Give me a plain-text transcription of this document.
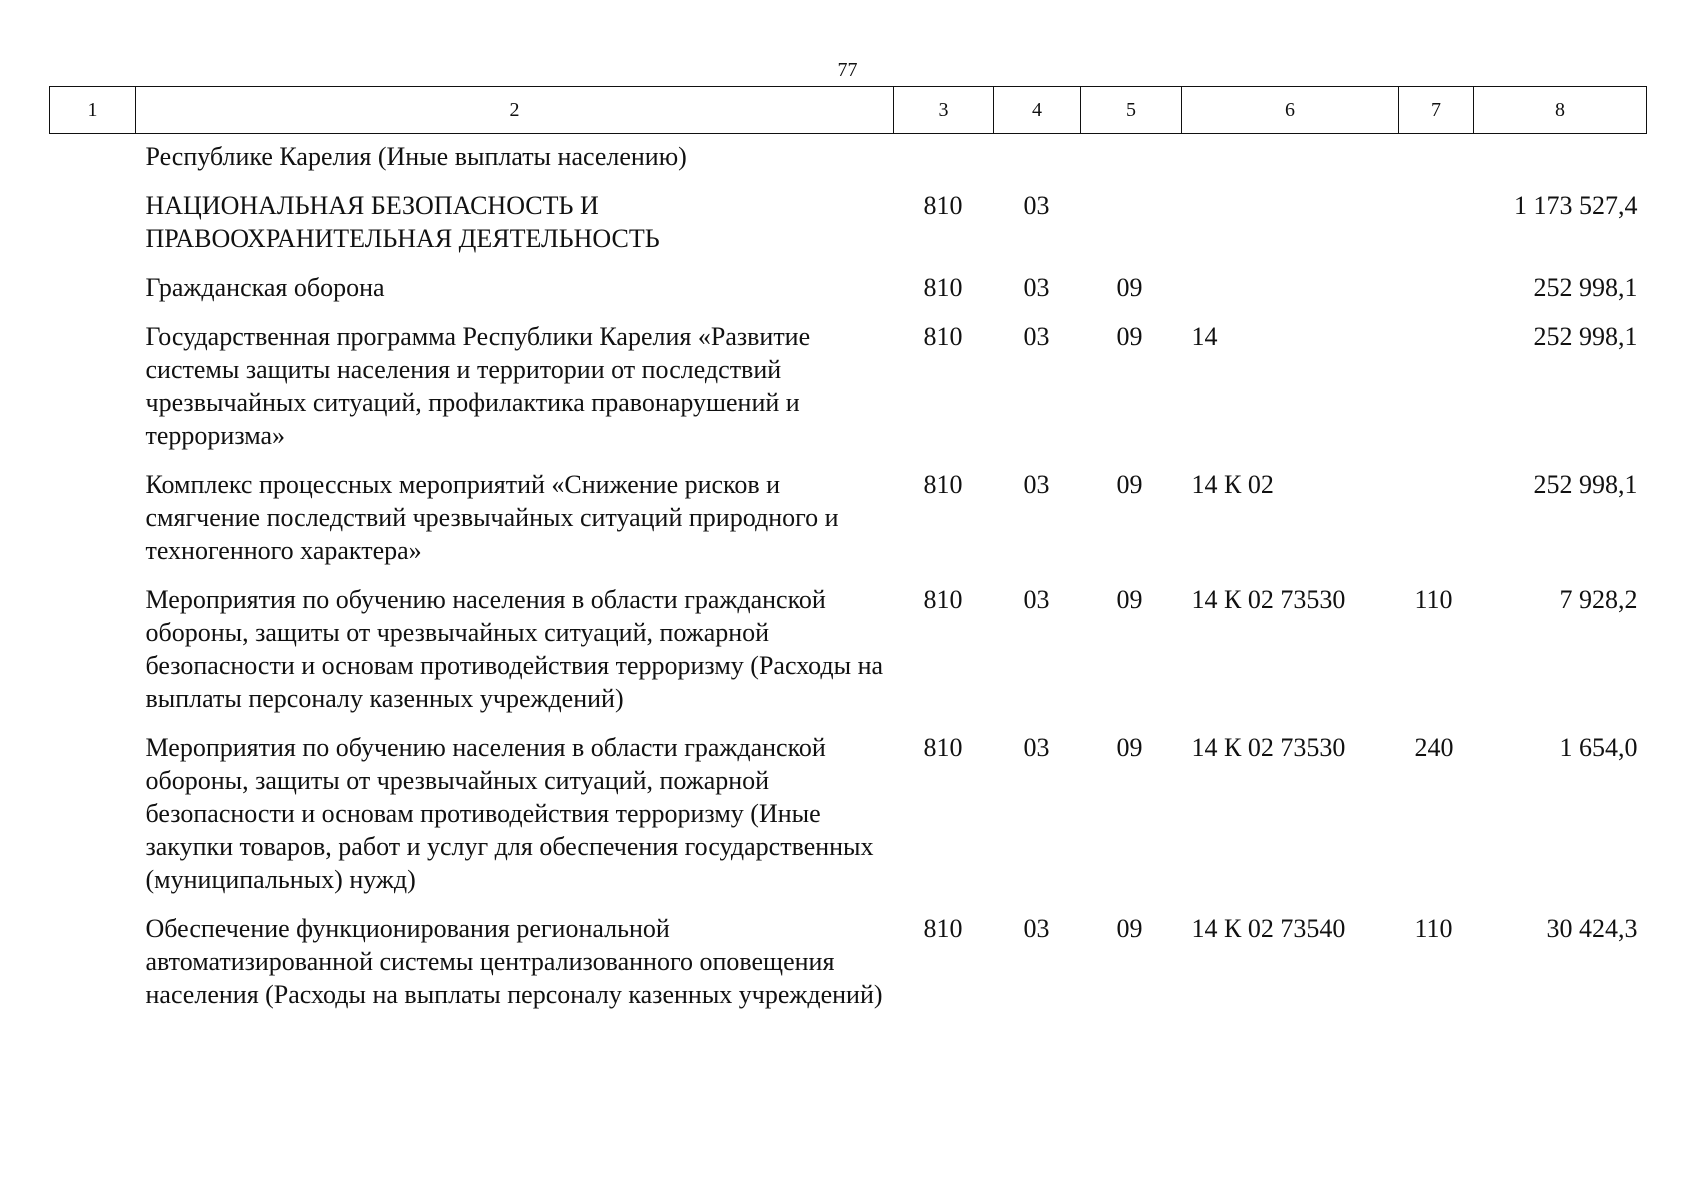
77
1	2	3	4	5	6	7	8
	Республике Карелия (Иные выплаты населению)						
	НАЦИОНАЛЬНАЯ БЕЗОПАСНОСТЬ И ПРАВООХРАНИТЕЛЬНАЯ ДЕЯТЕЛЬНОСТЬ	810	03				1 173 527,4
	Гражданская оборона	810	03	09			252 998,1
	Государственная программа Республики Карелия «Развитие системы защиты населения и территории от последствий чрезвычайных ситуаций, профилактика правонарушений и терроризма»	810	03	09	14		252 998,1
	Комплекс процессных мероприятий «Снижение рисков и смягчение последствий чрезвычайных ситуаций природного и техногенного характера»	810	03	09	14 К 02		252 998,1
	Мероприятия по обучению населения в области гражданской обороны, защиты от чрезвычайных ситуаций, пожарной безопасности и основам противодействия терроризму (Расходы на выплаты персоналу казенных учреждений)	810	03	09	14 К 02 73530	110	7 928,2
	Мероприятия по обучению населения в области гражданской обороны, защиты от чрезвычайных ситуаций, пожарной безопасности и основам противодействия терроризму (Иные закупки товаров, работ и услуг для обеспечения государственных (муниципальных) нужд)	810	03	09	14 К 02 73530	240	1 654,0
	Обеспечение функционирования региональной автоматизированной системы централизованного оповещения населения (Расходы на выплаты персоналу казенных учреждений)	810	03	09	14 К 02 73540	110	30 424,3
